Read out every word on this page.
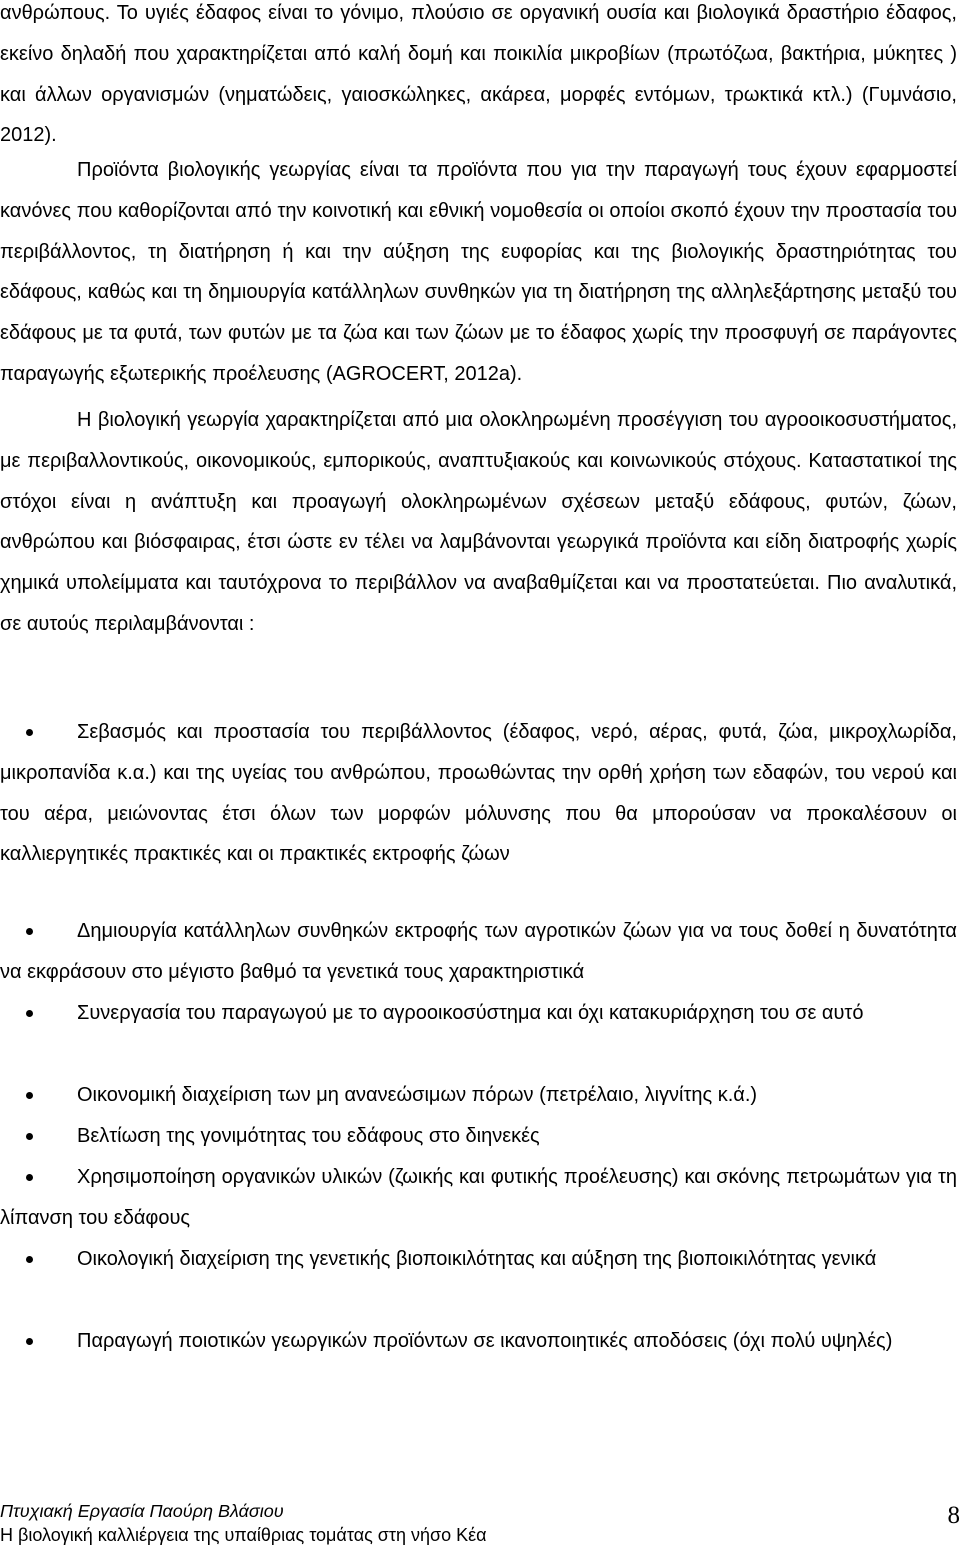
ανθρώπους. Το υγιές έδαφος είναι το γόνιμο, πλούσιο σε οργανική ουσία και βιολογικά δραστήριο έδαφος, εκείνο δηλαδή που χαρακτηρίζεται από καλή δομή και ποικιλία μικροβίων (πρωτόζωα, βακτήρια, μύκητες ) και άλλων οργανισμών (νηματώδεις, γαιοσκώληκες, ακάρεα, μορφές εντόμων, τρωκτικά κτλ.) (Γυμνάσιο, 2012).

Προϊόντα βιολογικής γεωργίας είναι τα προϊόντα που για την παραγωγή τους έχουν εφαρμοστεί κανόνες που καθορίζονται από την κοινοτική και εθνική νομοθεσία οι οποίοι σκοπό έχουν την προστασία του περιβάλλοντος, τη διατήρηση ή και την αύξηση της ευφορίας και της βιολογικής δραστηριότητας του εδάφους, καθώς και τη δημιουργία κατάλληλων συνθηκών για τη διατήρηση της αλληλεξάρτησης μεταξύ του εδάφους με τα φυτά, των φυτών με τα ζώα και των ζώων με το έδαφος χωρίς την προσφυγή σε παράγοντες παραγωγής εξωτερικής προέλευσης (AGROCERT, 2012a).

Η βιολογική γεωργία χαρακτηρίζεται από μια ολοκληρωμένη προσέγγιση του αγροοικοσυστήματος, με περιβαλλοντικούς, οικονομικούς, εμπορικούς, αναπτυξιακούς και κοινωνικούς στόχους. Καταστατικοί της στόχοι είναι η ανάπτυξη και προαγωγή ολοκληρωμένων σχέσεων μεταξύ εδάφους, φυτών, ζώων, ανθρώπου και βιόσφαιρας, έτσι ώστε εν τέλει να λαμβάνονται γεωργικά προϊόντα και είδη διατροφής χωρίς χημικά υπολείμματα και ταυτόχρονα το περιβάλλον να αναβαθμίζεται και να προστατεύεται. Πιο αναλυτικά, σε αυτούς περιλαμβάνονται :

Σεβασμός και προστασία του περιβάλλοντος (έδαφος, νερό, αέρας, φυτά, ζώα, μικροχλωρίδα, μικροπανίδα κ.α.) και της υγείας του ανθρώπου, προωθώντας την ορθή χρήση των εδαφών, του νερού και του αέρα, μειώνοντας έτσι όλων των μορφών μόλυνσης που θα μπορούσαν να προκαλέσουν οι καλλιεργητικές πρακτικές και οι πρακτικές εκτροφής ζώων

Δημιουργία κατάλληλων συνθηκών εκτροφής των αγροτικών ζώων για να τους δοθεί η δυνατότητα να εκφράσουν στο μέγιστο βαθμό τα γενετικά τους χαρακτηριστικά

Συνεργασία του παραγωγού με το αγροοικοσύστημα και όχι κατακυριάρχηση του σε αυτό

Οικονομική διαχείριση των μη ανανεώσιμων πόρων (πετρέλαιο, λιγνίτης κ.ά.)

Βελτίωση της γονιμότητας του εδάφους στο διηνεκές

Χρησιμοποίηση οργανικών υλικών (ζωικής και φυτικής προέλευσης) και σκόνης πετρωμάτων για τη λίπανση του εδάφους

Οικολογική διαχείριση της γενετικής βιοποικιλότητας και αύξηση της βιοποικιλότητας γενικά

Παραγωγή ποιοτικών γεωργικών προϊόντων σε ικανοποιητικές αποδόσεις (όχι πολύ υψηλές)

Πτυχιακή Εργασία Παούρη Βλάσιου

Η βιολογική καλλιέργεια της υπαίθριας τομάτας στη νήσο Κέα

8
